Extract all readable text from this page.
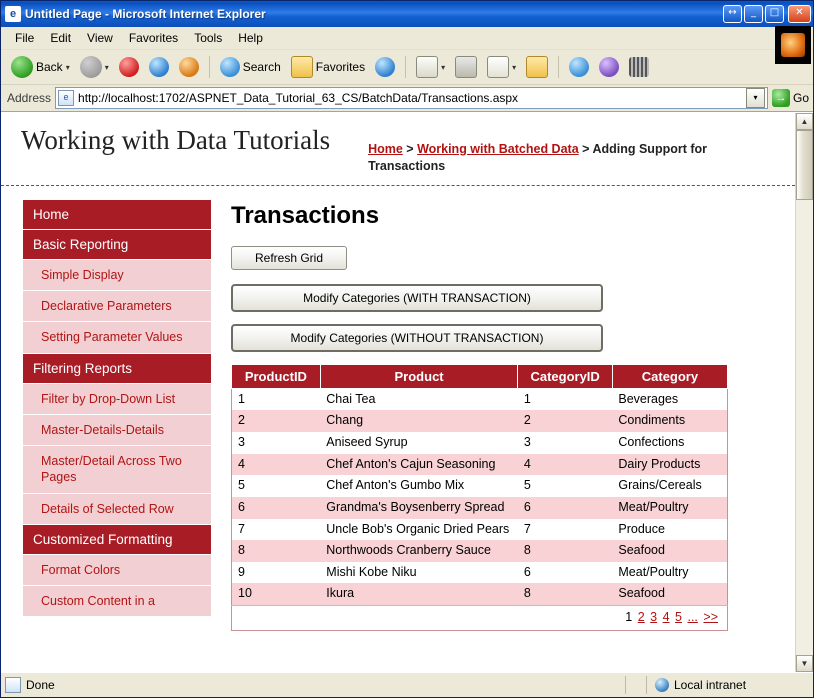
e Untitled Page - Microsoft Internet Explorer	↔	_	□	✕
File	Edit	View	Favorites	Tools	Help
Back ▾	▾	Search	Favorites	▾	▾
Address	e http://localhost:1702/ASPNET_Data_Tutorial_63_CS/BatchData/Transactions.aspx	▾	→ Go
Working with Data Tutorials	Home > Working with Batched Data > Adding Support for Transactions
Home
Basic Reporting
Simple Display
Declarative Parameters
Setting Parameter Values
Filtering Reports
Filter by Drop-Down List
Master-Details-Details
Master/Detail Across Two Pages
Details of Selected Row
Customized Formatting
Format Colors
Custom Content in a
Transactions
Refresh Grid
Modify Categories (WITH TRANSACTION)
Modify Categories (WITHOUT TRANSACTION)
ProductID	Product	CategoryID	Category
1	Chai Tea	1	Beverages
2	Chang	2	Condiments
3	Aniseed Syrup	3	Confections
4	Chef Anton's Cajun Seasoning	4	Dairy Products
5	Chef Anton's Gumbo Mix	5	Grains/Cereals
6	Grandma's Boysenberry Spread	6	Meat/Poultry
7	Uncle Bob's Organic Dried Pears	7	Produce
8	Northwoods Cranberry Sauce	8	Seafood
9	Mishi Kobe Niku	6	Meat/Poultry
10	Ikura	8	Seafood
1 2 3 4 5 ... >>			
▲
▼
Done	Local intranet
